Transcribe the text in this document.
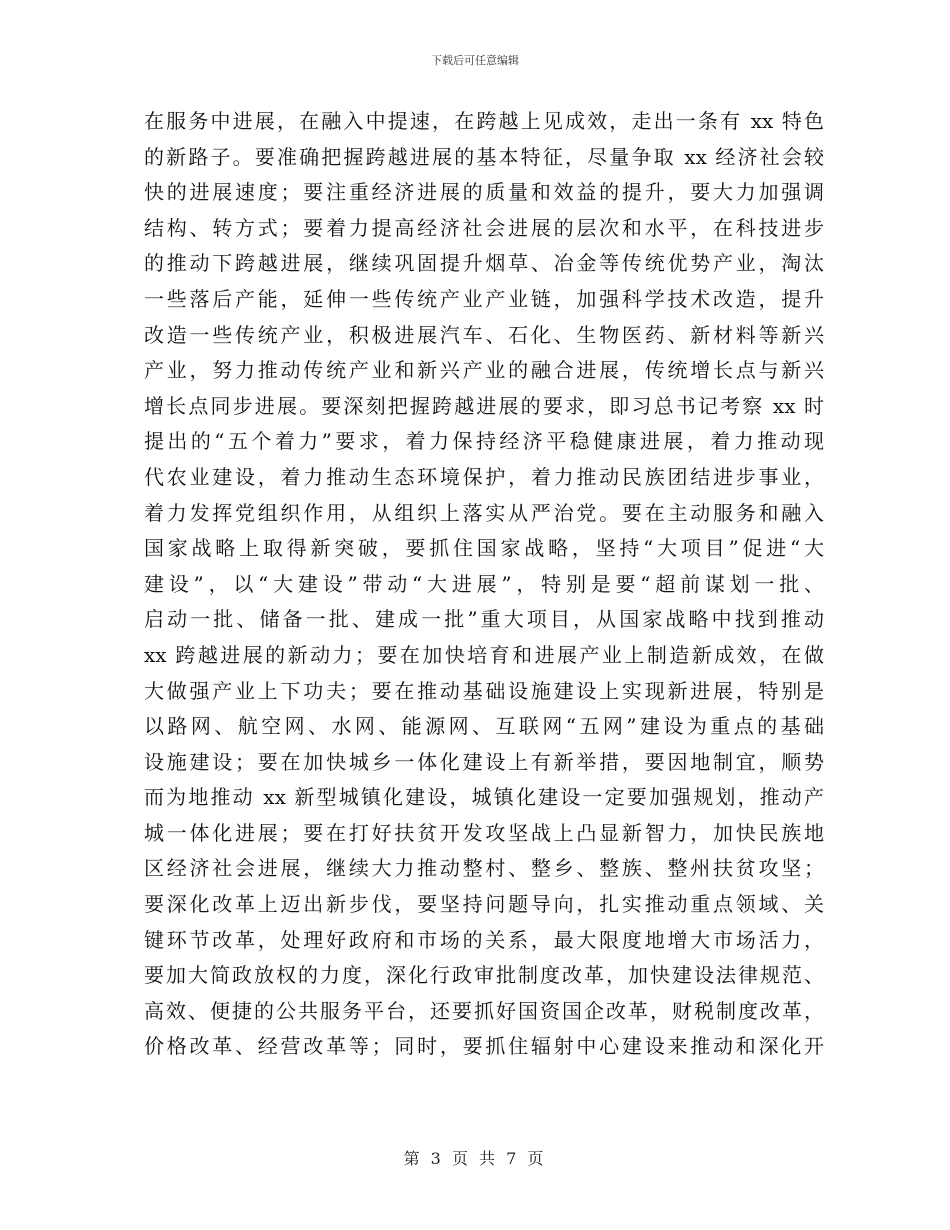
下载后可任意编辑
在服务中进展，在融入中提速，在跨越上见成效，走出一条有 xx 特色
的新路子。要准确把握跨越进展的基本特征，尽量争取 xx 经济社会较
快的进展速度；要注重经济进展的质量和效益的提升，要大力加强调
结构、转方式；要着力提高经济社会进展的层次和水平，在科技进步
的推动下跨越进展，继续巩固提升烟草、冶金等传统优势产业，淘汰
一些落后产能，延伸一些传统产业产业链，加强科学技术改造，提升
改造一些传统产业，积极进展汽车、石化、生物医药、新材料等新兴
产业，努力推动传统产业和新兴产业的融合进展，传统增长点与新兴
增长点同步进展。要深刻把握跨越进展的要求，即习总书记考察 xx 时
提出的“五个着力”要求，着力保持经济平稳健康进展，着力推动现
代农业建设，着力推动生态环境保护，着力推动民族团结进步事业，
着力发挥党组织作用，从组织上落实从严治党。要在主动服务和融入
国家战略上取得新突破，要抓住国家战略，坚持“大项目”促进“大
建设”，以“大建设”带动“大进展”，特别是要“超前谋划一批、
启动一批、储备一批、建成一批”重大项目，从国家战略中找到推动
xx 跨越进展的新动力；要在加快培育和进展产业上制造新成效，在做
大做强产业上下功夫；要在推动基础设施建设上实现新进展，特别是
以路网、航空网、水网、能源网、互联网“五网”建设为重点的基础
设施建设；要在加快城乡一体化建设上有新举措，要因地制宜，顺势
而为地推动 xx 新型城镇化建设，城镇化建设一定要加强规划，推动产
城一体化进展；要在打好扶贫开发攻坚战上凸显新智力，加快民族地
区经济社会进展，继续大力推动整村、整乡、整族、整州扶贫攻坚；
要深化改革上迈出新步伐，要坚持问题导向，扎实推动重点领域、关
键环节改革，处理好政府和市场的关系，最大限度地增大市场活力，
要加大简政放权的力度，深化行政审批制度改革，加快建设法律规范、
高效、便捷的公共服务平台，还要抓好国资国企改革，财税制度改革，
价格改革、经营改革等；同时，要抓住辐射中心建设来推动和深化开
第 3 页 共 7 页
